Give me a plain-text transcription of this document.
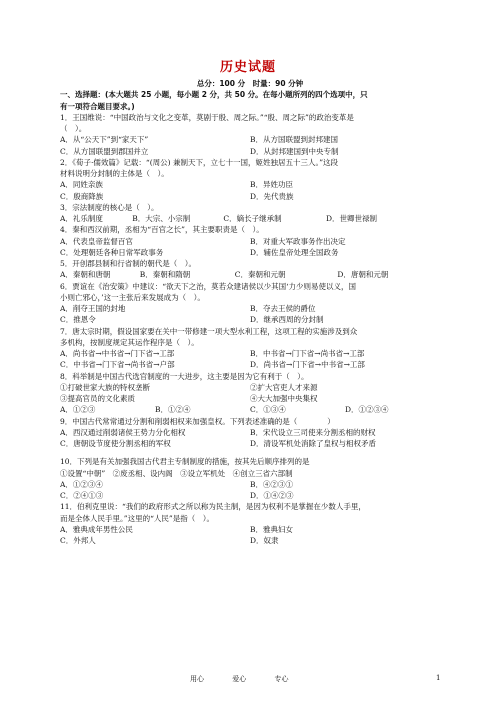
历史试题
总分：100 分　时量：90 分钟
一、选择题：(本大题共 25 小题，每小题 2 分，共 50 分。在每小题所列的四个选项中，只
有一项符合题目要求。)
1．王国维说：“中国政治与文化之变革，莫剧于殷、周之际。”“殷、周之际”的政治变革是
（　）。
A．从“公天下”到“家天下”	B．从方国联盟到封邦建国
C．从方国联盟到郡国并立	D．从封邦建国到中央专制
2．《荀子·儒效篇》记载：“(周公) 兼制天下，立七十一国，姬姓独居五十三人。”这段
材料说明分封制的主体是（　）。
A．同姓亲族	B．异姓功臣
C．殷商降族	D．先代贵族
3．宗法制度的核心是（　）。
A．礼乐制度	B．大宗、小宗制	C．嫡长子继承制	D．世卿世禄制
4．秦和西汉前期，丞相为“百官之长”，其主要职责是（　）。
A．代表皇帝监督百官	B．对重大军政事务作出决定
C．处理朝廷各种日常军政事务	D．辅佐皇帝处理全国政务
5．开创郡县制和行省制的朝代是（　）。
A．秦朝和唐朝	B．秦朝和隋朝	C．秦朝和元朝	D．唐朝和元朝
6．贾谊在《治安策》中建议：“欲天下之治，莫若众建诸侯以少其国‘力少则易使以义，国
小则亡邪心，’这一主张后来发展成为（　）。
A．削夺王国的封地	B．夺去王侯的爵位
C．推恩令	D．继承西周的分封制
7．唐太宗时期，假设国家要在关中一带修建一项大型水利工程，这项工程的实施涉及到众
多机构，按制度规定其运作程序是（　）。
A．尚书省→中书省→门下省→工部	B．中书省→门下省→尚书省→工部
C．中书省→门下省→尚书省→户部	D．尚书省→门下省→中书省→工部
8．科举制是中国古代选官制度的一大进步，这主要是因为它有利于（　）。
①打破世家大族的特权垄断	②扩大官吏人才来源
③提高官员的文化素质	④大大加强中央集权
A．①②③	B．①②④	C．①③④	D．①②③④
9．中国古代常常通过分割和削弱相权来加强皇权。下列表述准确的是（　　　　）
A．西汉通过削弱诸侯王势力分化相权	B．宋代设立三司使来分割丞相的财权
C．唐朝设节度使分割丞相的军权	D．清设军机处消除了皇权与相权矛盾
10．下列是有关加强我国古代君主专制制度的措施，按其先后顺序排列的是
①设置“中朝”　②废丞相、设内阁　③设立军机处　④创立三省六部制
A．①②③④	B．④②③①
C．②④①③	D．①④②③
11．伯利克里说：“我们的政府形式之所以称为民主制，是因为权利不是掌握在少数人手里，
而是全体人民手里。”这里的“人民”是指（　）。
A．雅典成年男性公民	B．雅典妇女
C．外邦人	D．奴隶
用心	爱心	专心	1
